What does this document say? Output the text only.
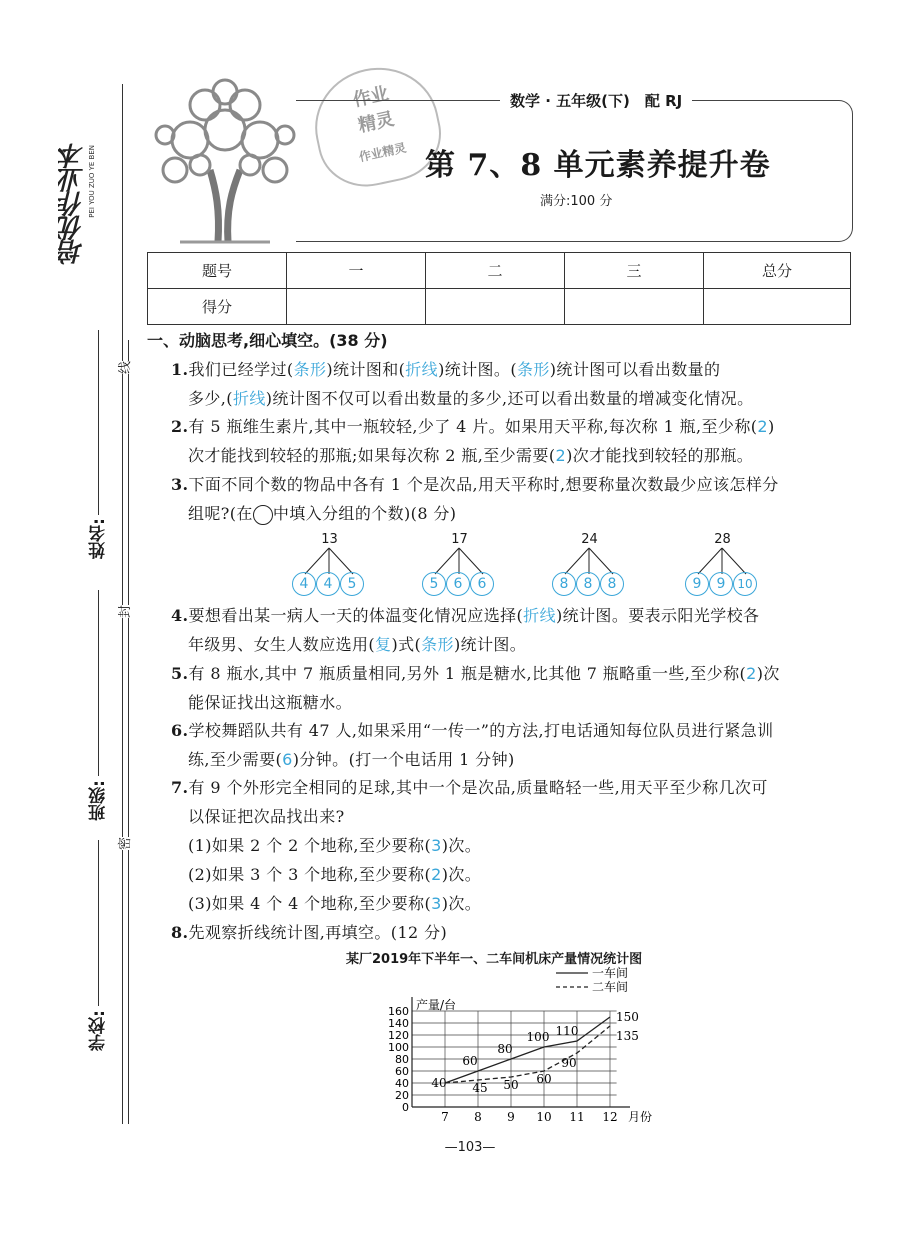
培优作业本 PEI YOU ZUO YE BEN
线
封
密
姓名:
班级:
学校:
作业
精灵
作业精灵
数学 · 五年级(下)　配 RJ
第 7、8 单元素养提升卷
满分:100 分
题号	一	二	三	总分
得分				
一、动脑思考,细心填空。(38 分)
1.我们已经学过(条形)统计图和(折线)统计图。(条形)统计图可以看出数量的
多少,(折线)统计图不仅可以看出数量的多少,还可以看出数量的增减变化情况。
2.有 5 瓶维生素片,其中一瓶较轻,少了 4 片。如果用天平称,每次称 1 瓶,至少称(2)
次才能找到较轻的那瓶;如果每次称 2 瓶,至少需要(2)次才能找到较轻的那瓶。
3.下面不同个数的物品中各有 1 个是次品,用天平称时,想要称量次数最少应该怎样分
组呢?(在 中填入分组的个数)(8 分)
13
4	4	5
17
5	6	6
24
8	8	8
28
9	9 10
4.要想看出某一病人一天的体温变化情况应选择(折线)统计图。要表示阳光学校各
年级男、女生人数应选用(复)式(条形)统计图。
5.有 8 瓶水,其中 7 瓶质量相同,另外 1 瓶是糖水,比其他 7 瓶略重一些,至少称(2)次
能保证找出这瓶糖水。
6.学校舞蹈队共有 47 人,如果采用“一传一”的方法,打电话通知每位队员进行紧急训
练,至少需要(6)分钟。(打一个电话用 1 分钟)
7.有 9 个外形完全相同的足球,其中一个是次品,质量略轻一些,用天平至少称几次可
以保证把次品找出来?
(1)如果 2 个 2 个地称,至少要称(3)次。
(2)如果 3 个 3 个地称,至少要称(2)次。
(3)如果 4 个 4 个地称,至少要称(3)次。
8.先观察折线统计图,再填空。(12 分)
某厂2019年下半年一、二车间机床产量情况统计图
0
20
40
60
80
100
120
140
160 产量/台
7 8 9 10 11 12 月份
40
60
80
100 110
150
45 50 60
90
135
一车间
二车间
—103—
